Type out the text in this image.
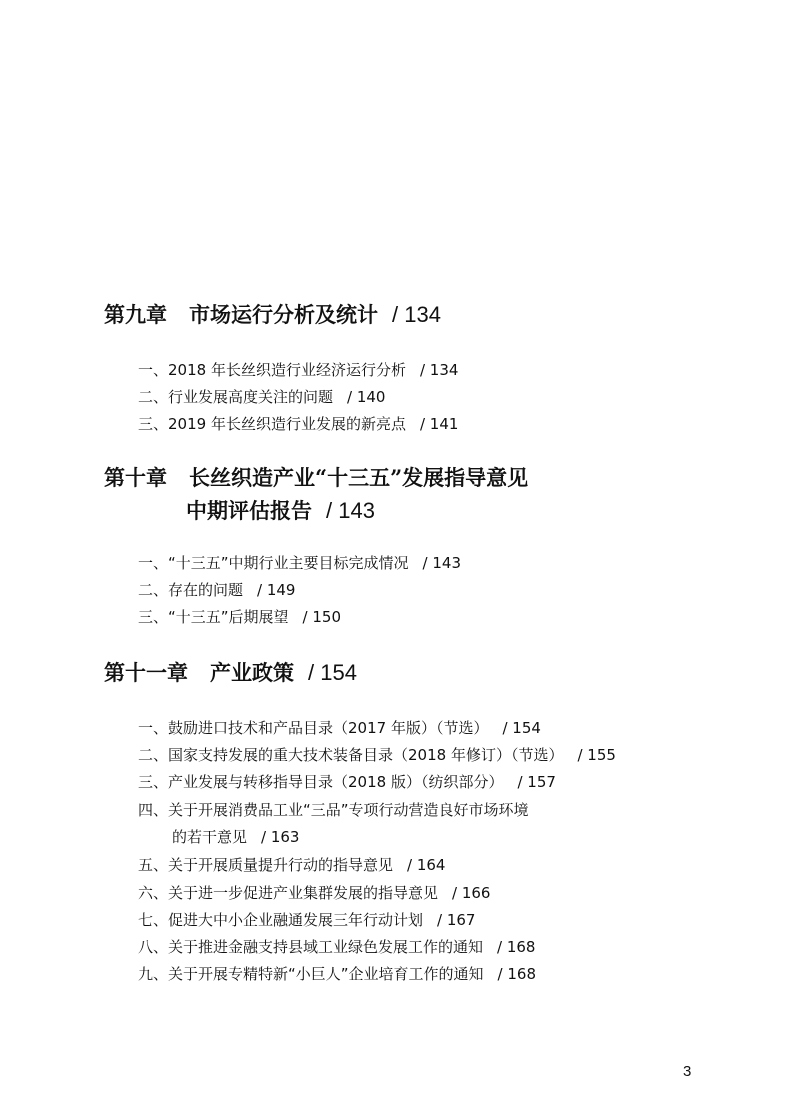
第九章 市场运行分析及统计 / 134
一、2018 年长丝织造行业经济运行分析 / 134
二、行业发展高度关注的问题 / 140
三、2019 年长丝织造行业发展的新亮点 / 141
第十章 长丝织造产业“十三五”发展指导意见
中期评估报告 / 143
一、“十三五”中期行业主要目标完成情况 / 143
二、存在的问题 / 149
三、“十三五”后期展望 / 150
第十一章 产业政策 / 154
一、鼓励进口技术和产品目录（2017 年版）（节选） / 154
二、国家支持发展的重大技术装备目录（2018 年修订）（节选） / 155
三、产业发展与转移指导目录（2018 版）（纺织部分） / 157
四、关于开展消费品工业“三品”专项行动营造良好市场环境
的若干意见 / 163
五、关于开展质量提升行动的指导意见 / 164
六、关于进一步促进产业集群发展的指导意见 / 166
七、促进大中小企业融通发展三年行动计划 / 167
八、关于推进金融支持县域工业绿色发展工作的通知 / 168
九、关于开展专精特新“小巨人”企业培育工作的通知 / 168
3
